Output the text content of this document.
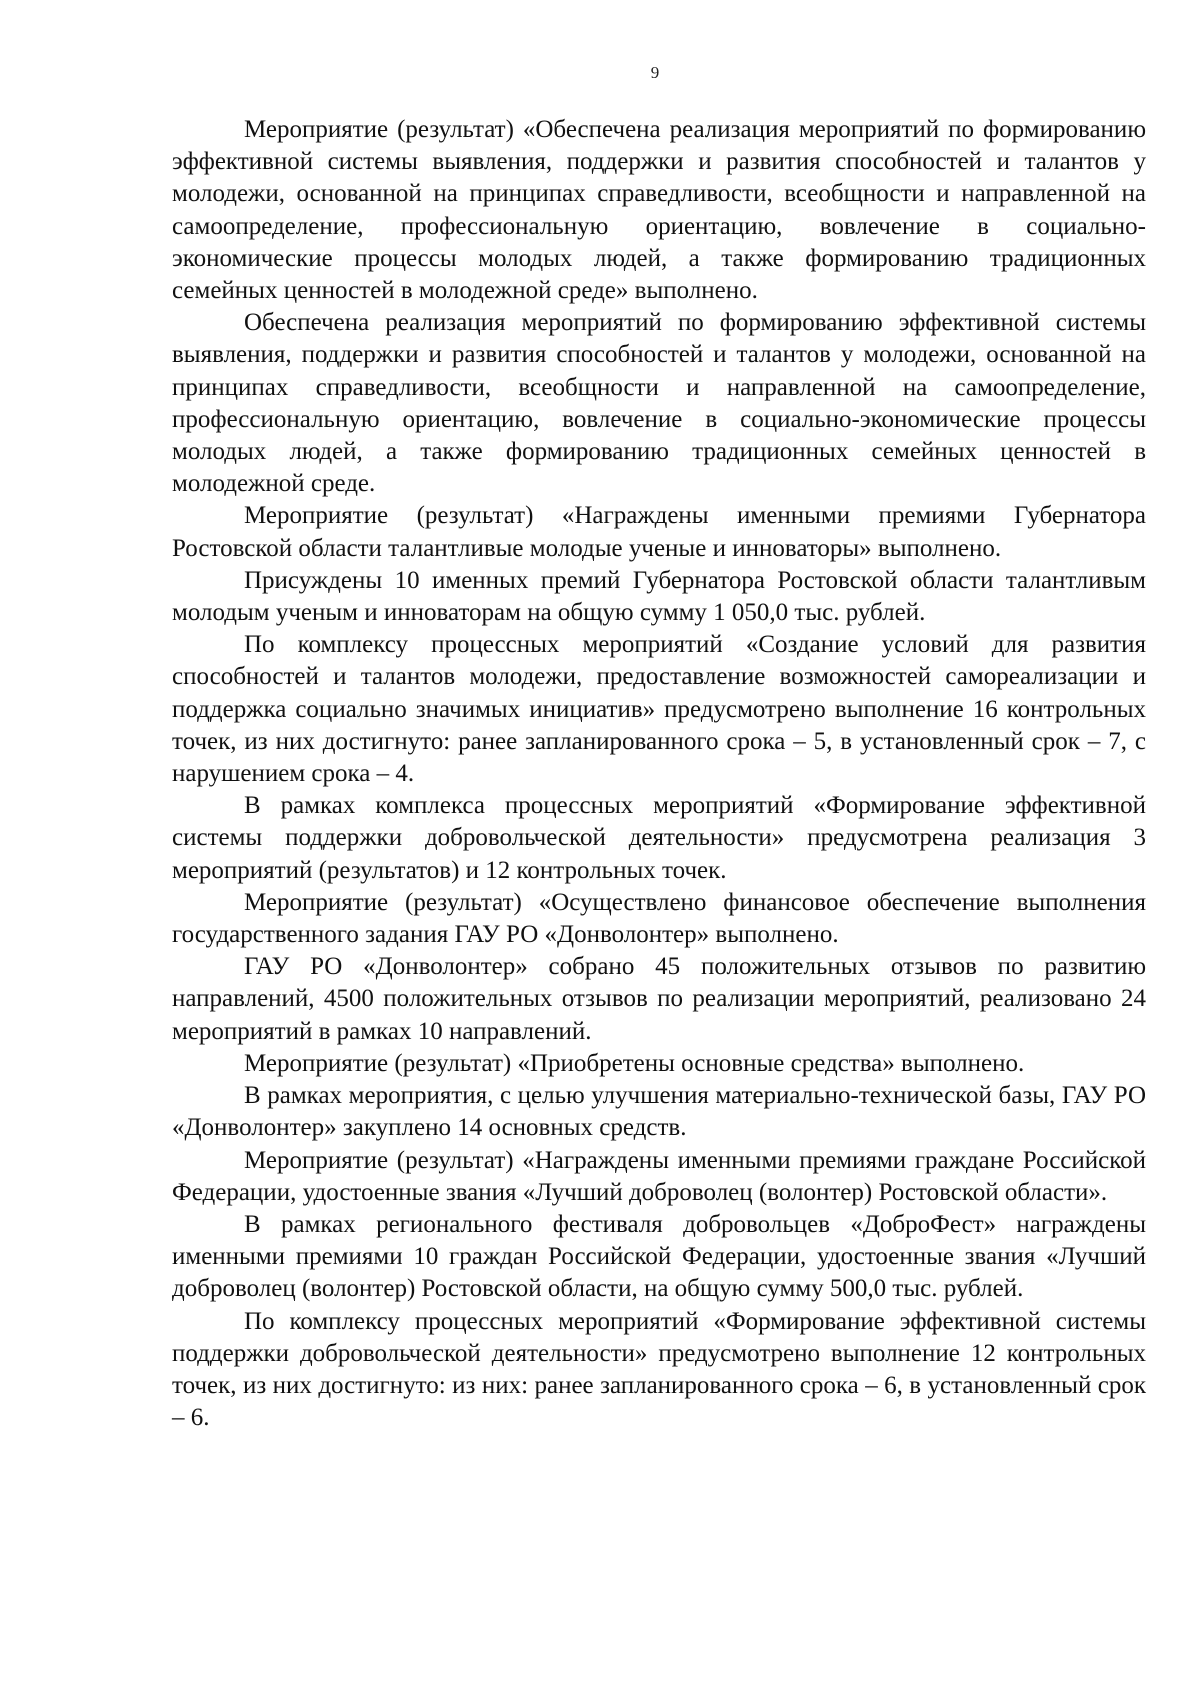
9

Мероприятие (результат) «Обеспечена реализация мероприятий по формированию эффективной системы выявления, поддержки и развития способностей и талантов у молодежи, основанной на принципах справедливости, всеобщности и направленной на самоопределение, профессиональную ориентацию, вовлечение в социально-экономические процессы молодых людей, а также формированию традиционных семейных ценностей в молодежной среде» выполнено.

Обеспечена реализация мероприятий по формированию эффективной системы выявления, поддержки и развития способностей и талантов у молодежи, основанной на принципах справедливости, всеобщности и направленной на самоопределение, профессиональную ориентацию, вовлечение в социально-экономические процессы молодых людей, а также формированию традиционных семейных ценностей в молодежной среде.

Мероприятие (результат) «Награждены именными премиями Губернатора Ростовской области талантливые молодые ученые и инноваторы» выполнено.

Присуждены 10 именных премий Губернатора Ростовской области талантливым молодым ученым и инноваторам на общую сумму 1 050,0 тыс. рублей.

По комплексу процессных мероприятий «Создание условий для развития способностей и талантов молодежи, предоставление возможностей самореализации и поддержка социально значимых инициатив» предусмотрено выполнение 16 контрольных точек, из них достигнуто: ранее запланированного срока – 5, в установленный срок – 7, с нарушением срока – 4.

В рамках комплекса процессных мероприятий «Формирование эффективной системы поддержки добровольческой деятельности» предусмотрена реализация 3 мероприятий (результатов) и 12 контрольных точек.

Мероприятие (результат) «Осуществлено финансовое обеспечение выполнения государственного задания ГАУ РО «Донволонтер» выполнено.

ГАУ РО «Донволонтер» собрано 45 положительных отзывов по развитию направлений, 4500 положительных отзывов по реализации мероприятий, реализовано 24 мероприятий в рамках 10 направлений.

Мероприятие (результат) «Приобретены основные средства» выполнено.

В рамках мероприятия, с целью улучшения материально-технической базы, ГАУ РО «Донволонтер» закуплено 14 основных средств.

Мероприятие (результат) «Награждены именными премиями граждане Российской Федерации, удостоенные звания «Лучший доброволец (волонтер) Ростовской области».

В рамках регионального фестиваля добровольцев «ДоброФест» награждены именными премиями 10 граждан Российской Федерации, удостоенные звания «Лучший доброволец (волонтер) Ростовской области, на общую сумму 500,0 тыс. рублей.

По комплексу процессных мероприятий «Формирование эффективной системы поддержки добровольческой деятельности» предусмотрено выполнение 12 контрольных точек, из них достигнуто: из них: ранее запланированного срока – 6, в установленный срок – 6.
